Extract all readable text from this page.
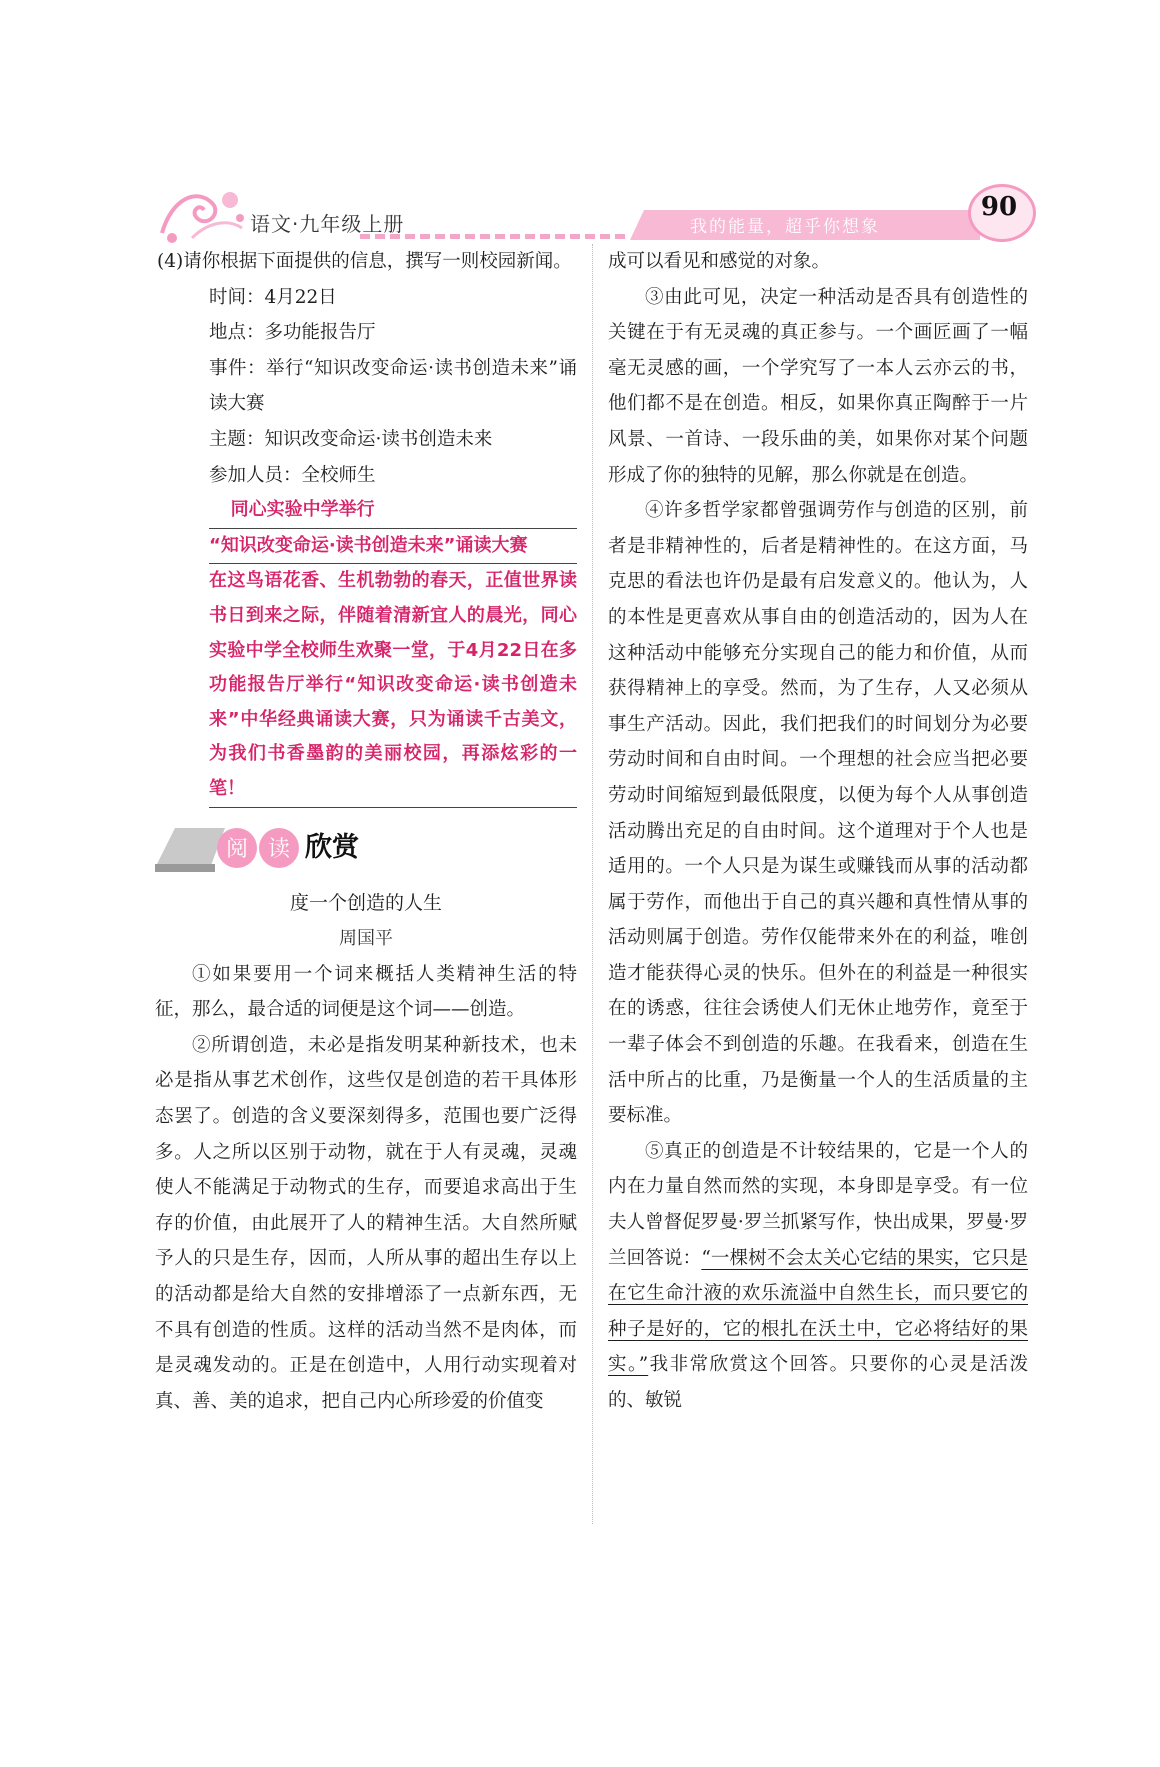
语文·九年级上册	我的能量，超乎你想象
90

(4)请你根据下面提供的信息，撰写一则校园新闻。

时间：4月22日

地点：多功能报告厅

事件：举行“知识改变命运·读书创造未来”诵读大赛

主题：知识改变命运·读书创造未来

参加人员：全校师生

同心实验中学举行

“知识改变命运·读书创造未来”诵读大赛

在这鸟语花香、生机勃勃的春天，正值世界读书日到来之际，伴随着清新宜人的晨光，同心实验中学全校师生欢聚一堂，于4月22日在多功能报告厅举行“知识改变命运·读书创造未来”中华经典诵读大赛，只为诵读千古美文，为我们书香墨韵的美丽校园，再添炫彩的一笔！

阅 读 欣赏

度一个创造的人生

周国平

①如果要用一个词来概括人类精神生活的特征，那么，最合适的词便是这个词——创造。

②所谓创造，未必是指发明某种新技术，也未必是指从事艺术创作，这些仅是创造的若干具体形态罢了。创造的含义要深刻得多，范围也要广泛得多。人之所以区别于动物，就在于人有灵魂，灵魂使人不能满足于动物式的生存，而要追求高出于生存的价值，由此展开了人的精神生活。大自然所赋予人的只是生存，因而，人所从事的超出生存以上的活动都是给大自然的安排增添了一点新东西，无不具有创造的性质。这样的活动当然不是肉体，而是灵魂发动的。正是在创造中，人用行动实现着对真、善、美的追求，把自己内心所珍爱的价值变

成可以看见和感觉的对象。

③由此可见，决定一种活动是否具有创造性的关键在于有无灵魂的真正参与。一个画匠画了一幅毫无灵感的画，一个学究写了一本人云亦云的书，他们都不是在创造。相反，如果你真正陶醉于一片风景、一首诗、一段乐曲的美，如果你对某个问题形成了你的独特的见解，那么你就是在创造。

④许多哲学家都曾强调劳作与创造的区别，前者是非精神性的，后者是精神性的。在这方面，马克思的看法也许仍是最有启发意义的。他认为，人的本性是更喜欢从事自由的创造活动的，因为人在这种活动中能够充分实现自己的能力和价值，从而获得精神上的享受。然而，为了生存，人又必须从事生产活动。因此，我们把我们的时间划分为必要劳动时间和自由时间。一个理想的社会应当把必要劳动时间缩短到最低限度，以便为每个人从事创造活动腾出充足的自由时间。这个道理对于个人也是适用的。一个人只是为谋生或赚钱而从事的活动都属于劳作，而他出于自己的真兴趣和真性情从事的活动则属于创造。劳作仅能带来外在的利益，唯创造才能获得心灵的快乐。但外在的利益是一种很实在的诱惑，往往会诱使人们无休止地劳作，竟至于一辈子体会不到创造的乐趣。在我看来，创造在生活中所占的比重，乃是衡量一个人的生活质量的主要标准。

⑤真正的创造是不计较结果的，它是一个人的内在力量自然而然的实现，本身即是享受。有一位夫人曾督促罗曼·罗兰抓紧写作，快出成果，罗曼·罗兰回答说：“一棵树不会太关心它结的果实，它只是在它生命汁液的欢乐流溢中自然生长，而只要它的种子是好的，它的根扎在沃土中，它必将结好的果实。”我非常欣赏这个回答。只要你的心灵是活泼的、敏锐
